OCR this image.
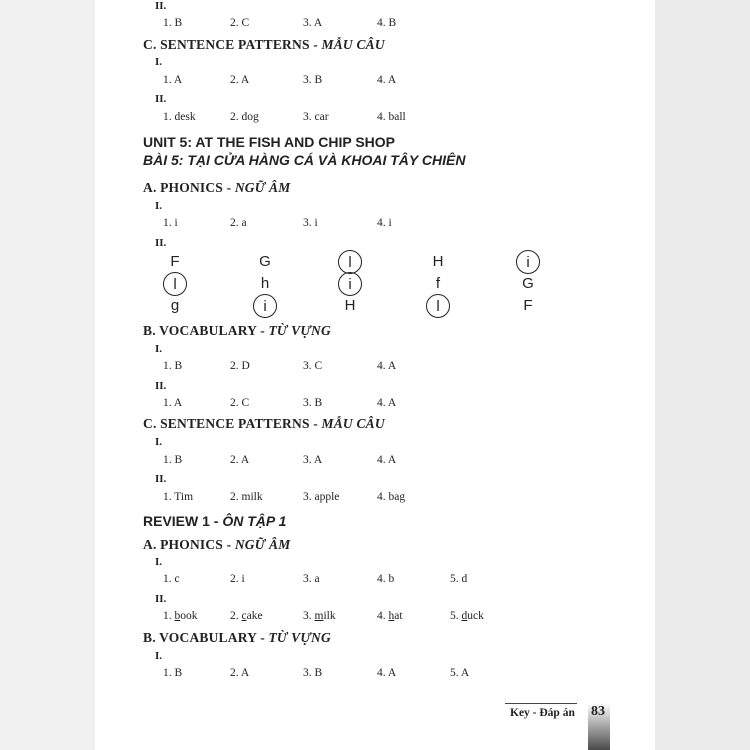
II.
1. B	2. C	3. A	4. B
C. SENTENCE PATTERNS - MẪU CÂU
I.
1. A	2. A	3. B	4. A
II.
1. desk	2. dog	3. car	4. ball
UNIT 5: AT THE FISH AND CHIP SHOP
BÀI 5: TẠI CỬA HÀNG CÁ VÀ KHOAI TÂY CHIÊN
A. PHONICS - NGỮ ÂM
I.
1. i	2. a	3. i	4. i
II.
F	G	l	H	i
l	h	i	f	G
g	i	H	l	F
B. VOCABULARY - TỪ VỰNG
I.
1. B	2. D	3. C	4. A
II.
1. A	2. C	3. B	4. A
C. SENTENCE PATTERNS - MẪU CÂU
I.
1. B	2. A	3. A	4. A
II.
1. Tim	2. milk	3. apple	4. bag
REVIEW 1 - ÔN TẬP 1
A. PHONICS - NGỮ ÂM
I.
1. c	2. i	3. a	4. b	5. d
II.
1. book	2. cake	3. milk	4. hat	5. duck
B. VOCABULARY - TỪ VỰNG
I.
1. B	2. A	3. B	4. A	5. A
Key - Đáp án 83
